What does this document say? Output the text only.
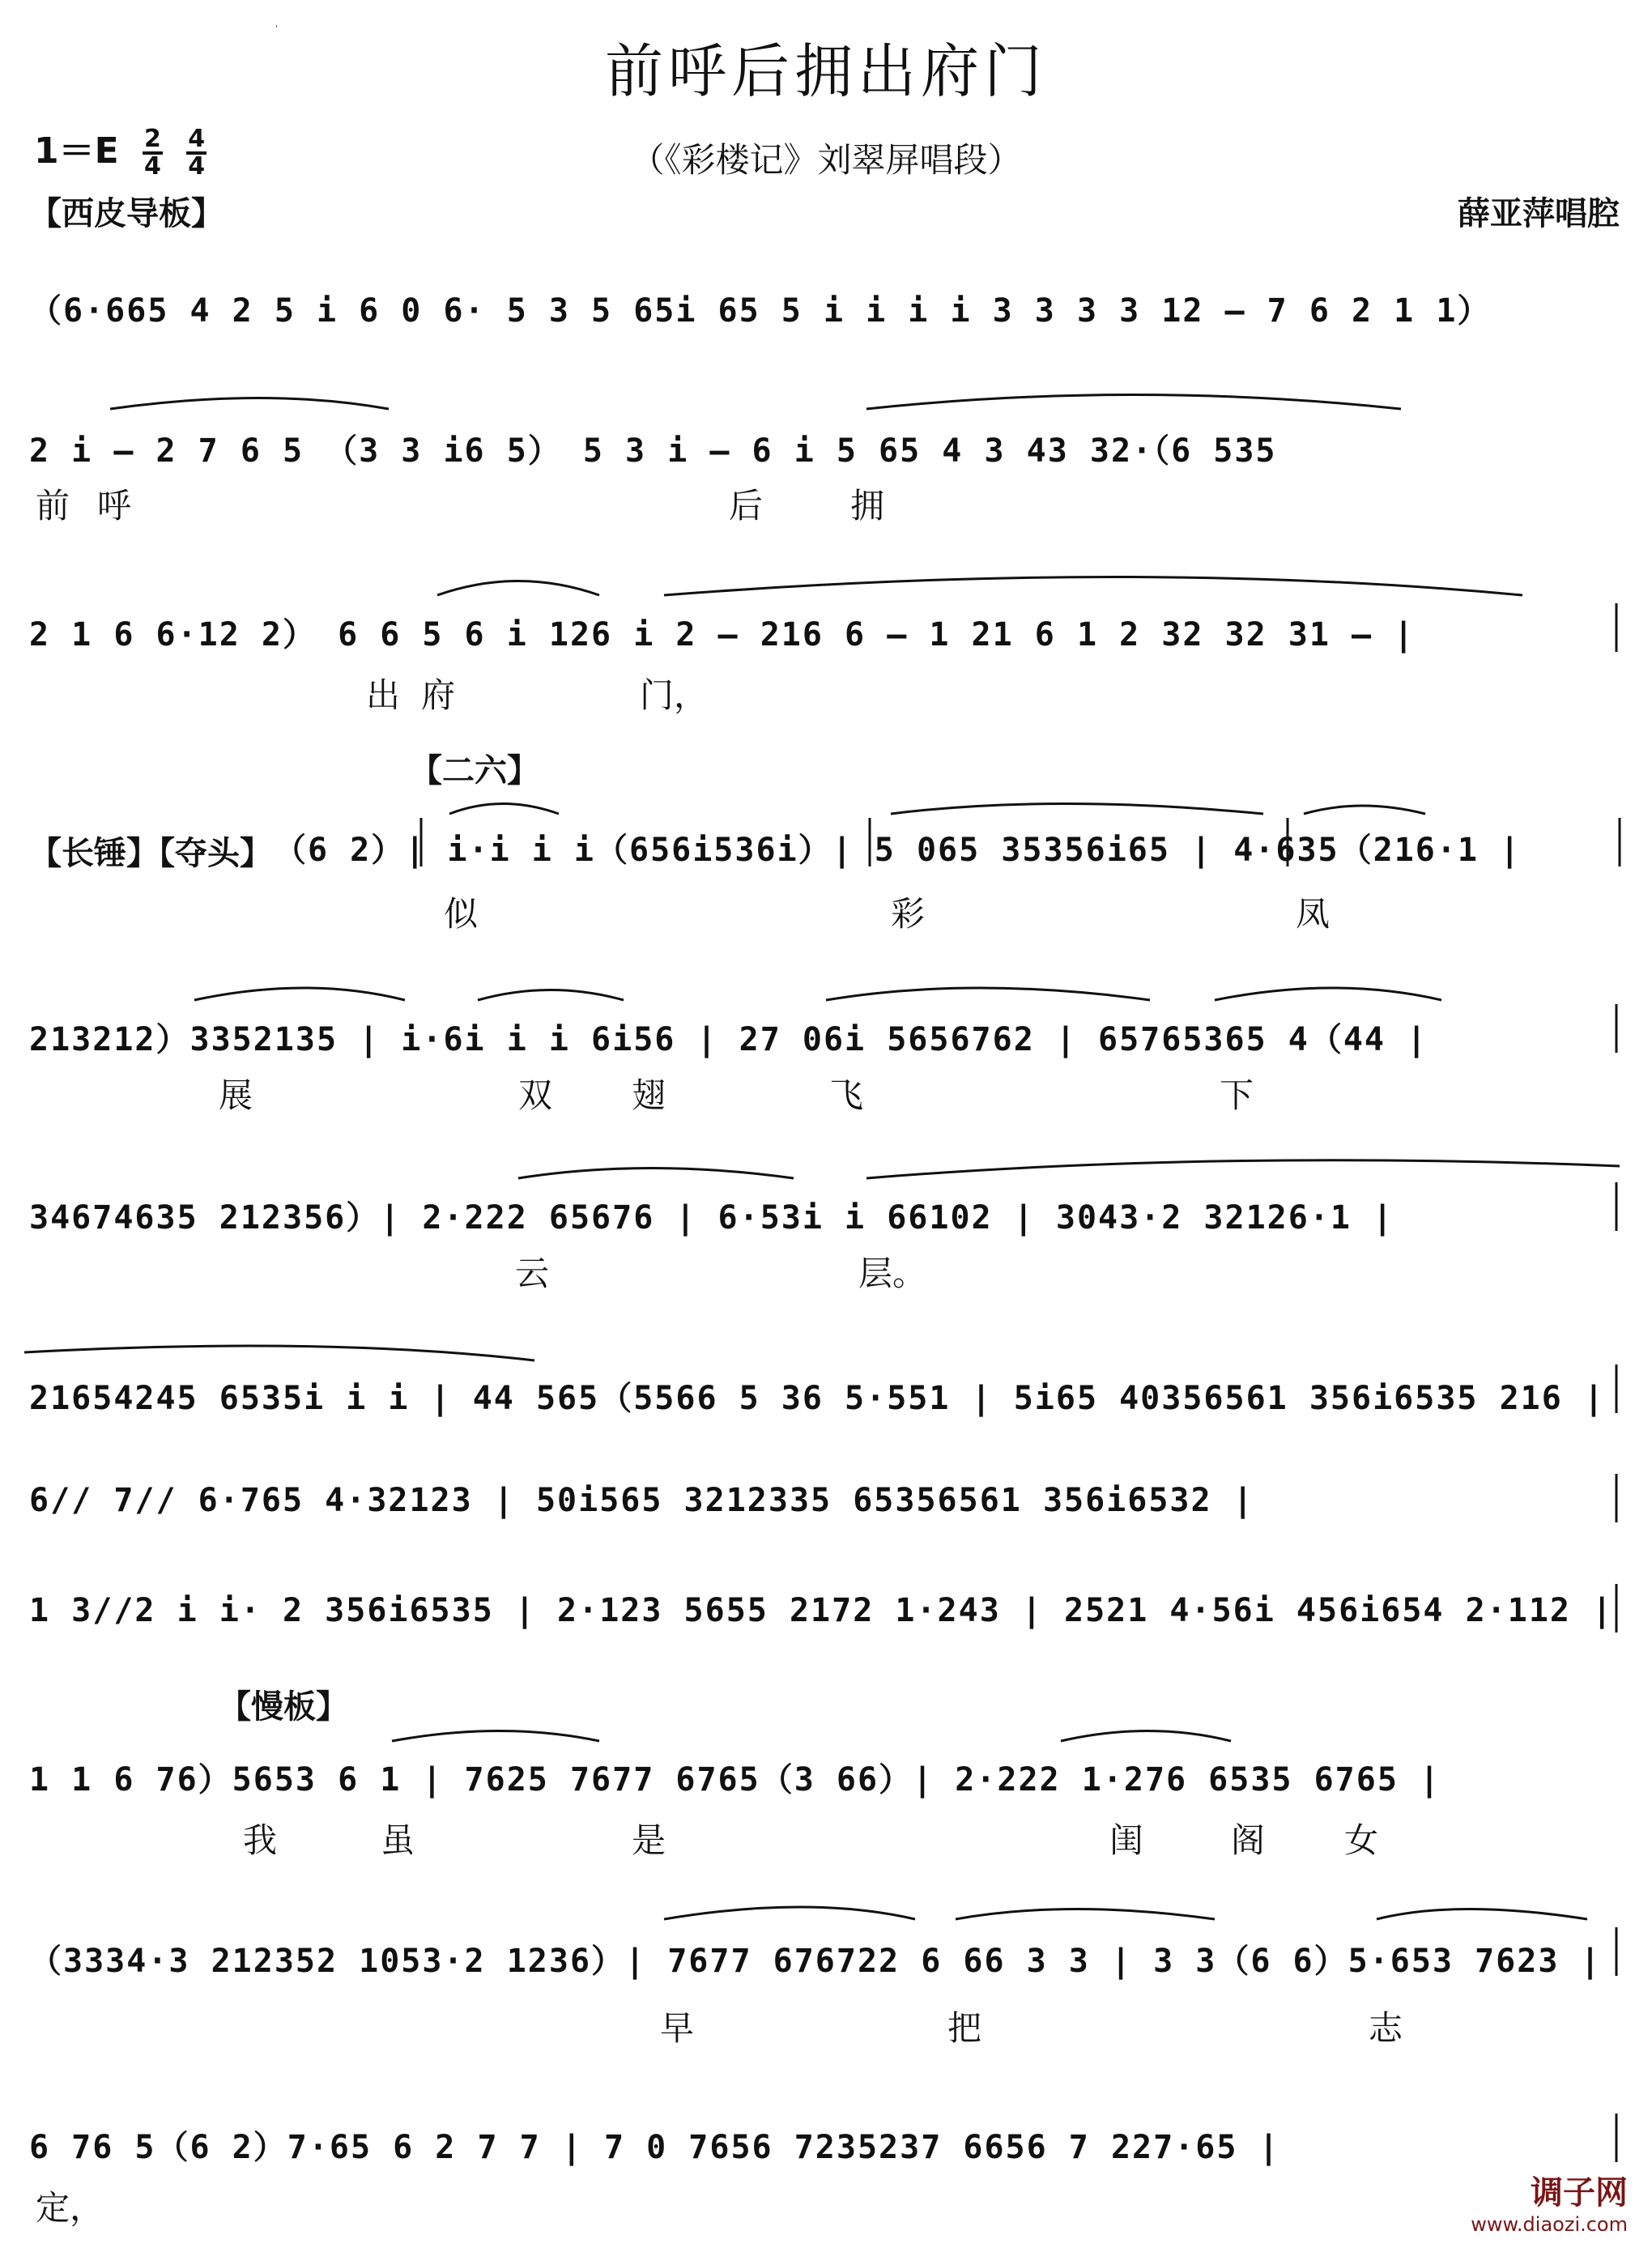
'
前呼后拥出府门
$1=E \frac{2}{4}$
$\frac{4}{4}$	（《彩楼记》刘翠屏唱段）
【西皮导板】	薛亚萍唱腔
（6·665 4 2 5 i 6 0 6· 5 3 5 65i 65 5 i i i i 3 3 3 3 12 – 7 6 2 1 1）
2 i – 2 7 6 5 （3 3 i6 5） 5 3 i – 6 i 5 65 4 3 43 32·（6 535
前 呼	后	拥
2 1 6 6·12 2） 6 6 5 6 i 126 i 2 – 216 6 – 1 21 6 1 2 32 32 31 – |
出 府	门，
【二六】
【长锤】【夺头】 （6 2）| i·i i i（656i536i）| 5 065 35356i65 | 4·635（216·1 |
似	彩	凤
213212）3352135 | i·6i i i 6i56 | 27 06i 5656762 | 65765365 4（44 |
展	双 翅	飞	下
34674635 212356）| 2·222 65676 | 6·53i i 66102 | 3043·2 32126·1 |
云	层。
21654245 6535i i i | 44 565（5566 5 36 5·551 | 5i65 40356561 356i6535 216 |
6// 7// 6·765 4·32123 | 50i565 3212335 65356561 356i6532 |
1 3//2 i i· 2 356i6535 | 2·123 5655 2172 1·243 | 2521 4·56i 456i654 2·112 |
【慢板】
1 1 6 76）5653 6 1 | 7625 7677 6765（3 66）| 2·222 1·276 6535 6765 |
我	虽	是	闺	阁 女
（3334·3 212352 1053·2 1236）| 7677 676722 6 66 3 3 | 3 3（6 6）5·653 7623 |
早	把	志
6 76 5（6 2）7·65 6 2 7 7 | 7 0 7656 7235237 6656 7 227·65 |
定，	调子网
www.diaozi.com
